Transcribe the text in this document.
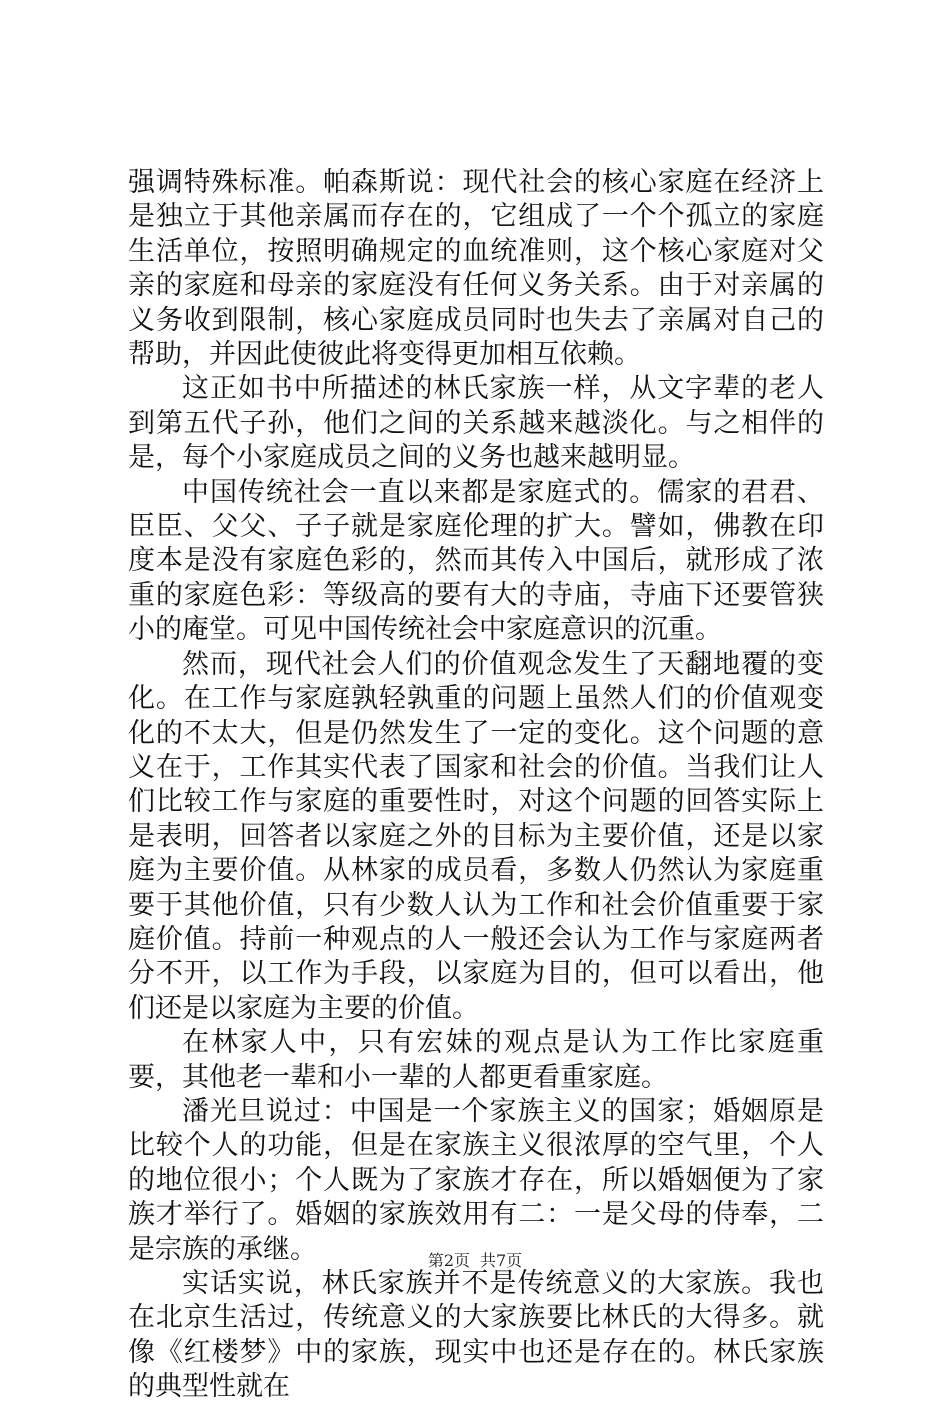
强调特殊标准。帕森斯说：现代社会的核心家庭在经济上是独立于其他亲属而存在的，它组成了一个个孤立的家庭生活单位，按照明确规定的血统准则，这个核心家庭对父亲的家庭和母亲的家庭没有任何义务关系。由于对亲属的义务收到限制，核心家庭成员同时也失去了亲属对自己的帮助，并因此使彼此将变得更加相互依赖。

这正如书中所描述的林氏家族一样，从文字辈的老人到第五代子孙，他们之间的关系越来越淡化。与之相伴的是，每个小家庭成员之间的义务也越来越明显。

中国传统社会一直以来都是家庭式的。儒家的君君、臣臣、父父、子子就是家庭伦理的扩大。譬如，佛教在印度本是没有家庭色彩的，然而其传入中国后，就形成了浓重的家庭色彩：等级高的要有大的寺庙，寺庙下还要管狭小的庵堂。可见中国传统社会中家庭意识的沉重。

然而，现代社会人们的价值观念发生了天翻地覆的变化。在工作与家庭孰轻孰重的问题上虽然人们的价值观变化的不太大，但是仍然发生了一定的变化。这个问题的意义在于，工作其实代表了国家和社会的价值。当我们让人们比较工作与家庭的重要性时，对这个问题的回答实际上是表明，回答者以家庭之外的目标为主要价值，还是以家庭为主要价值。从林家的成员看，多数人仍然认为家庭重要于其他价值，只有少数人认为工作和社会价值重要于家庭价值。持前一种观点的人一般还会认为工作与家庭两者分不开，以工作为手段，以家庭为目的，但可以看出，他们还是以家庭为主要的价值。

在林家人中，只有宏妹的观点是认为工作比家庭重要，其他老一辈和小一辈的人都更看重家庭。

潘光旦说过：中国是一个家族主义的国家；婚姻原是比较个人的功能，但是在家族主义很浓厚的空气里，个人的地位很小；个人既为了家族才存在，所以婚姻便为了家族才举行了。婚姻的家族效用有二：一是父母的侍奉，二是宗族的承继。

实话实说，林氏家族并不是传统意义的大家族。我也在北京生活过，传统意义的大家族要比林氏的大得多。就像《红楼梦》中的家族，现实中也还是存在的。林氏家族的典型性就在

第2页 共7页
